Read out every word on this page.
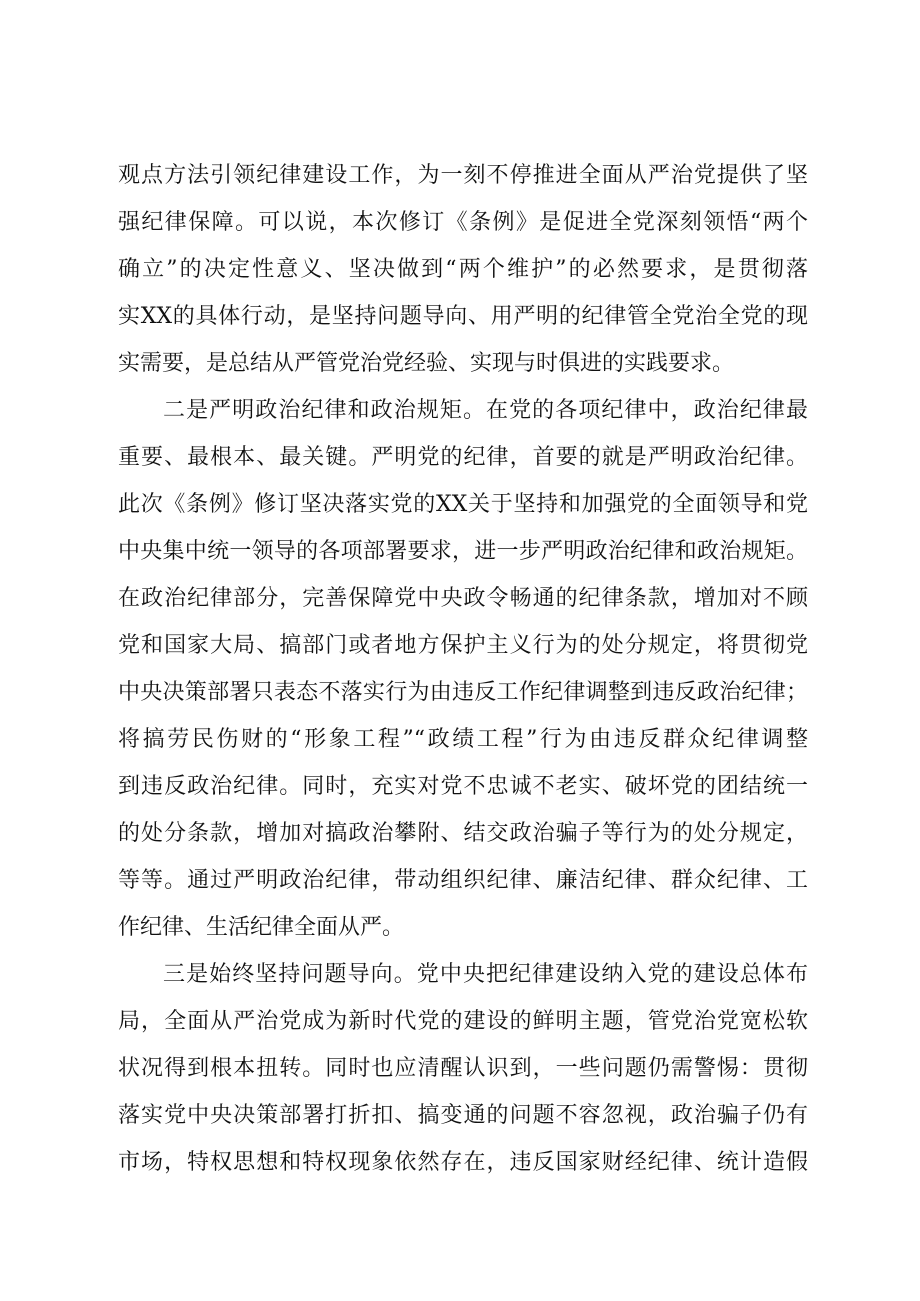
观点方法引领纪律建设工作，为一刻不停推进全面从严治党提供了坚
强纪律保障。可以说，本次修订《条例》是促进全党深刻领悟“两个
确立”的决定性意义、坚决做到“两个维护”的必然要求，是贯彻落
实XX的具体行动，是坚持问题导向、用严明的纪律管全党治全党的现
实需要，是总结从严管党治党经验、实现与时俱进的实践要求。
二是严明政治纪律和政治规矩。在党的各项纪律中，政治纪律最
重要、最根本、最关键。严明党的纪律，首要的就是严明政治纪律。
此次《条例》修订坚决落实党的XX关于坚持和加强党的全面领导和党
中央集中统一领导的各项部署要求，进一步严明政治纪律和政治规矩。
在政治纪律部分，完善保障党中央政令畅通的纪律条款，增加对不顾
党和国家大局、搞部门或者地方保护主义行为的处分规定，将贯彻党
中央决策部署只表态不落实行为由违反工作纪律调整到违反政治纪律；
将搞劳民伤财的“形象工程”“政绩工程”行为由违反群众纪律调整
到违反政治纪律。同时，充实对党不忠诚不老实、破坏党的团结统一
的处分条款，增加对搞政治攀附、结交政治骗子等行为的处分规定，
等等。通过严明政治纪律，带动组织纪律、廉洁纪律、群众纪律、工
作纪律、生活纪律全面从严。
三是始终坚持问题导向。党中央把纪律建设纳入党的建设总体布
局，全面从严治党成为新时代党的建设的鲜明主题，管党治党宽松软
状况得到根本扭转。同时也应清醒认识到，一些问题仍需警惕：贯彻
落实党中央决策部署打折扣、搞变通的问题不容忽视，政治骗子仍有
市场，特权思想和特权现象依然存在，违反国家财经纪律、统计造假
